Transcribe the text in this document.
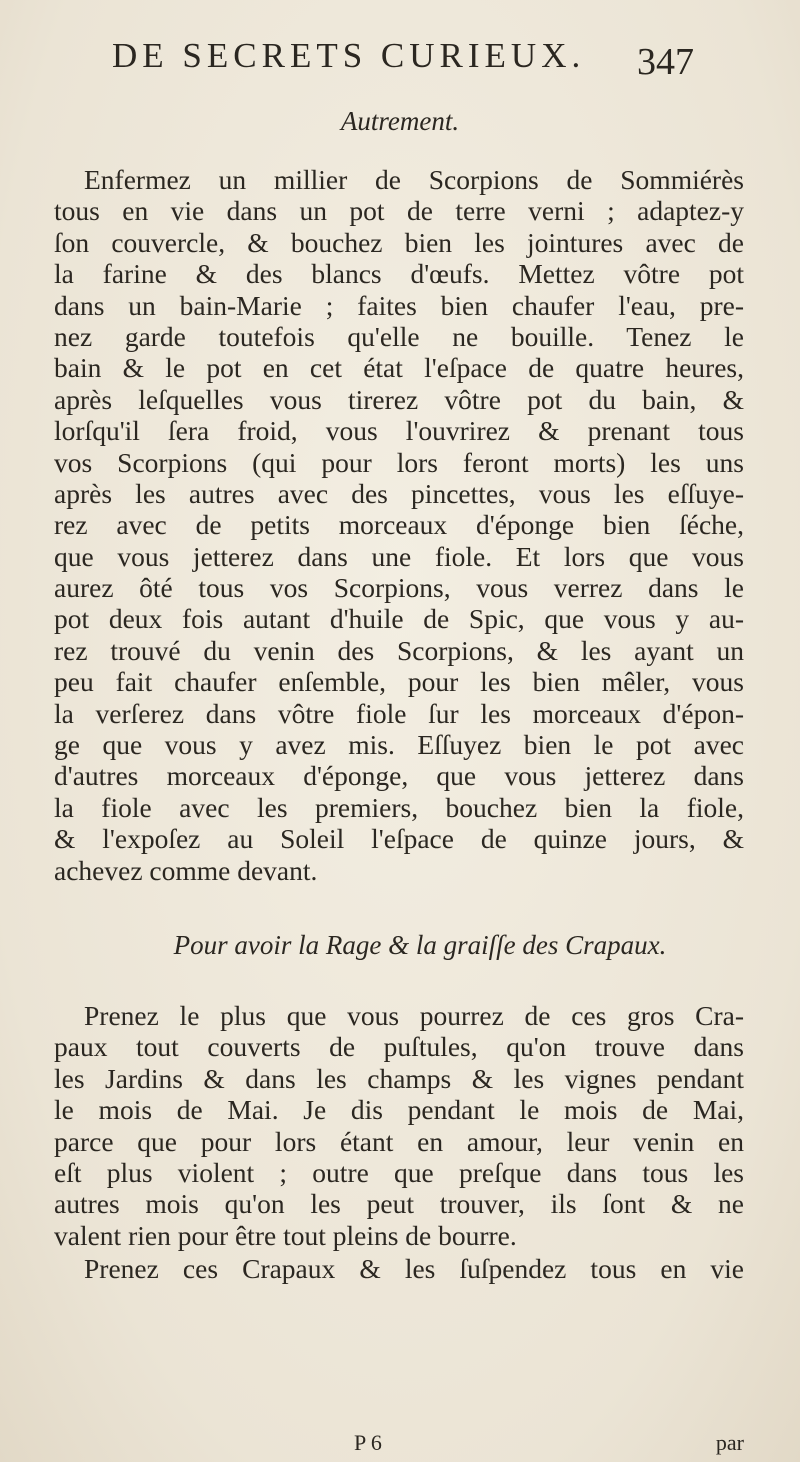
DE SECRETS CURIEUX. 347
Autrement.
Enfermez un millier de Scorpions de Sommiérès
tous en vie dans un pot de terre verni ; adaptez-y
ſon couvercle, & bouchez bien les jointures avec de
la farine & des blancs d'œufs. Mettez vôtre pot
dans un bain-Marie ; faites bien chaufer l'eau, pre-
nez garde toutefois qu'elle ne bouille. Tenez le
bain & le pot en cet état l'eſpace de quatre heures,
après leſquelles vous tirerez vôtre pot du bain, &
lorſqu'il ſera froid, vous l'ouvrirez & prenant tous
vos Scorpions (qui pour lors feront morts) les uns
après les autres avec des pincettes, vous les eſſuye-
rez avec de petits morceaux d'éponge bien ſéche,
que vous jetterez dans une fiole. Et lors que vous
aurez ôté tous vos Scorpions, vous verrez dans le
pot deux fois autant d'huile de Spic, que vous y au-
rez trouvé du venin des Scorpions, & les ayant un
peu fait chaufer enſemble, pour les bien mêler, vous
la verſerez dans vôtre fiole ſur les morceaux d'épon-
ge que vous y avez mis. Eſſuyez bien le pot avec
d'autres morceaux d'éponge, que vous jetterez dans
la fiole avec les premiers, bouchez bien la fiole,
& l'expoſez au Soleil l'eſpace de quinze jours, &
achevez comme devant.
Pour avoir la Rage & la graiſſe des Crapaux.
Prenez le plus que vous pourrez de ces gros Cra-
paux tout couverts de puſtules, qu'on trouve dans
les Jardins & dans les champs & les vignes pendant
le mois de Mai. Je dis pendant le mois de Mai,
parce que pour lors étant en amour, leur venin en
eſt plus violent ; outre que preſque dans tous les
autres mois qu'on les peut trouver, ils ſont & ne
valent rien pour être tout pleins de bourre.
Prenez ces Crapaux & les ſuſpendez tous en vie
P 6	par
